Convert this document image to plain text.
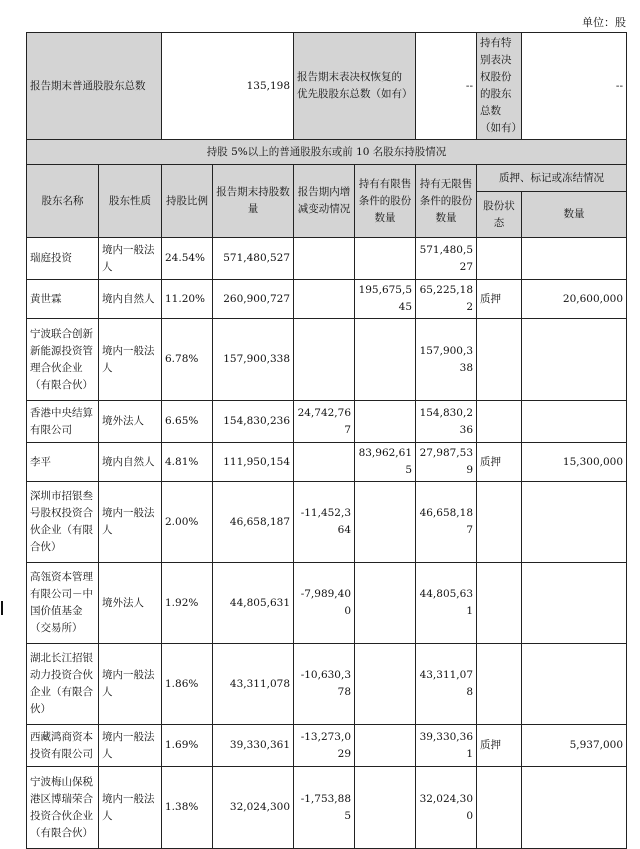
单位：股
报告期末普通股股东总数		135,198		报告期末表决权恢复的优先股股东总数（如有）		--	持有特别表决权股份的股东总数（如有）	--
持股 5%以上的普通股股东或前 10 名股东持股情况								
股东名称	股东性质	持股比例	报告期末持股数量	报告期内增减变动情况	持有有限售条件的股份数量	持有无限售条件的股份数量	质押、标记或冻结情况	
							股份状态	数量
瑞庭投资	境内一般法人	24.54%	571,480,527			571,480,527		
黄世霖	境内自然人	11.20%	260,900,727		195,675,545	65,225,182	质押	20,600,000
宁波联合创新新能源投资管理合伙企业（有限合伙）	境内一般法人	6.78%	157,900,338			157,900,338		
香港中央结算有限公司	境外法人	6.65%	154,830,236	24,742,767		154,830,236		
李平	境内自然人	4.81%	111,950,154		83,962,615	27,987,539	质押	15,300,000
深圳市招银叁号股权投资合伙企业（有限合伙）	境内一般法人	2.00%	46,658,187	-11,452,364		46,658,187		
高瓴资本管理有限公司－中国价值基金（交易所）	境外法人	1.92%	44,805,631	-7,989,400		44,805,631		
湖北长江招银动力投资合伙企业（有限合伙）	境内一般法人	1.86%	43,311,078	-10,630,378		43,311,078		
西藏鸿商资本投资有限公司	境内一般法人	1.69%	39,330,361	-13,273,029		39,330,361	质押	5,937,000
宁波梅山保税港区博瑞荣合投资合伙企业（有限合伙）	境内一般法人	1.38%	32,024,300	-1,753,885		32,024,300		
